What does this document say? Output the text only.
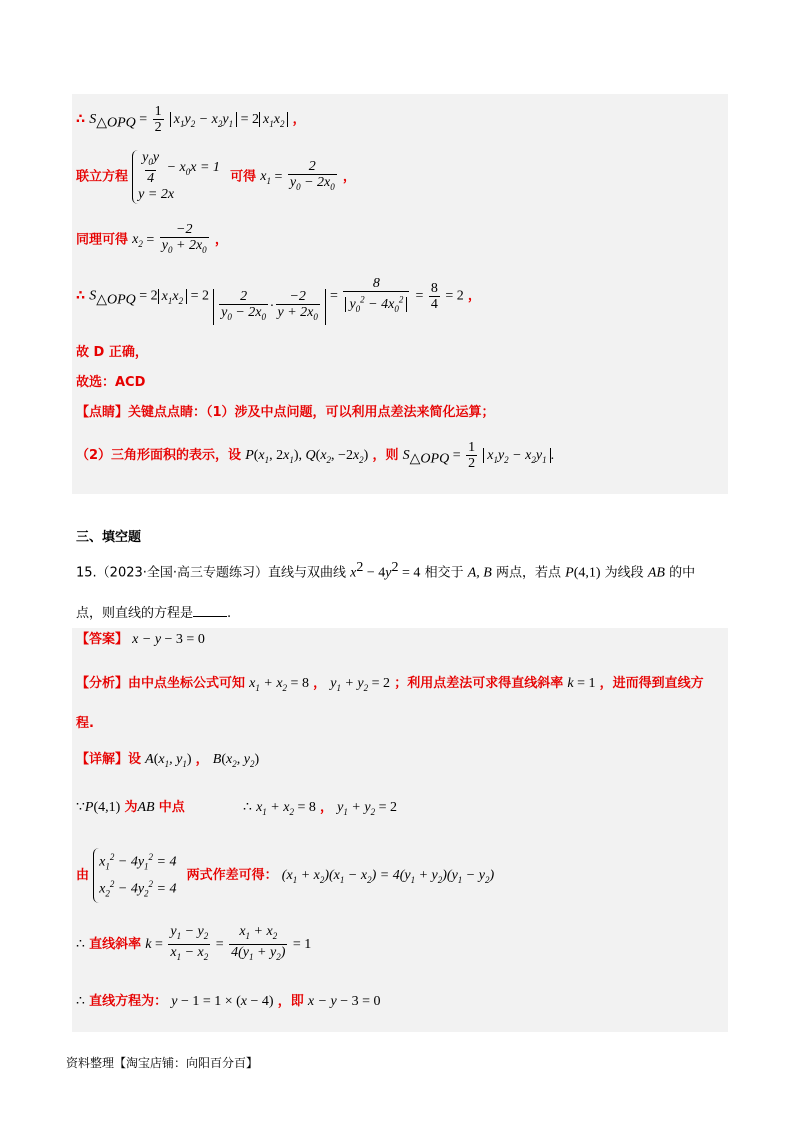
∴ $S_{\triangle OPQ} = \frac{1}{2} x_1y_2 - x_2y_1 = 2$ $x_1x_2$ ，
联立方程 $\frac{y_0y}{4} - x_0x = 1$
y = 2x
可得 $x_1 = \frac{2}{y_0 - 2x_0}$ ，
同理可得 $x_2 = \frac{-2}{y_0 + 2x_0}$ ，
∴ $S_{\triangle OPQ} = 2$ $x_1x_2 = 2 \frac{2}{y_0 - 2x_0} \cdot \frac{-2}{y + 2x_0} = \frac{8}{y_0^2 - 4x_0^2} = \frac{8}{4} = 2$ ，
故 D 正确，
故选：ACD
【点睛】关键点点睛：（1）涉及中点问题，可以利用点差法来简化运算；
（2）三角形面积的表示，设 $P(x_1$, $2x_1$), $Q(x_2$, $-2x_2$) ，则 $S_{\triangle OPQ} = \frac{1}{2} x_1y_2 - x_2y_1$ .
三、填空题
15.（2023·全国·高三专题练习）直线与双曲线 $x^2 - 4y^2 = 4$ 相交于 A, B 两点，若点 P(4,1) 为线段 AB 的中
点，则直线的方程是	.
【答案】 x − y − 3 = 0
【分析】由中点坐标公式可知 $x_1 + x_2 = 8$ ， $y_1 + y_2 = 2$ ；利用点差法可求得直线斜率 k = 1 ，进而得到直线方
程.
【详解】设 $A(x_1$, $y_1$) ， $B(x_2$, $y_2$)
∵P(4,1) 为AB 中点	∴ $x_1 + x_2 = 8$ ， $y_1 + y_2 = 2$
由
$x_1^2 - 4y_1^2 = 4$
$x_2^2 - 4y_2^2 = 4$
两式作差可得： $(x_1 + x_2)(x_1 - x_2) = 4(y_1 + y_2)(y_1 - y_2)$
∴ 直线斜率 $k = \frac{y_1 - y_2}{x_1 - x_2} = \frac{x_1 + x_2}{4(y_1 + y_2)} = 1$
∴ 直线方程为： y − 1 = 1 × (x − 4) ，即 x − y − 3 = 0
资料整理【淘宝店铺：向阳百分百】
